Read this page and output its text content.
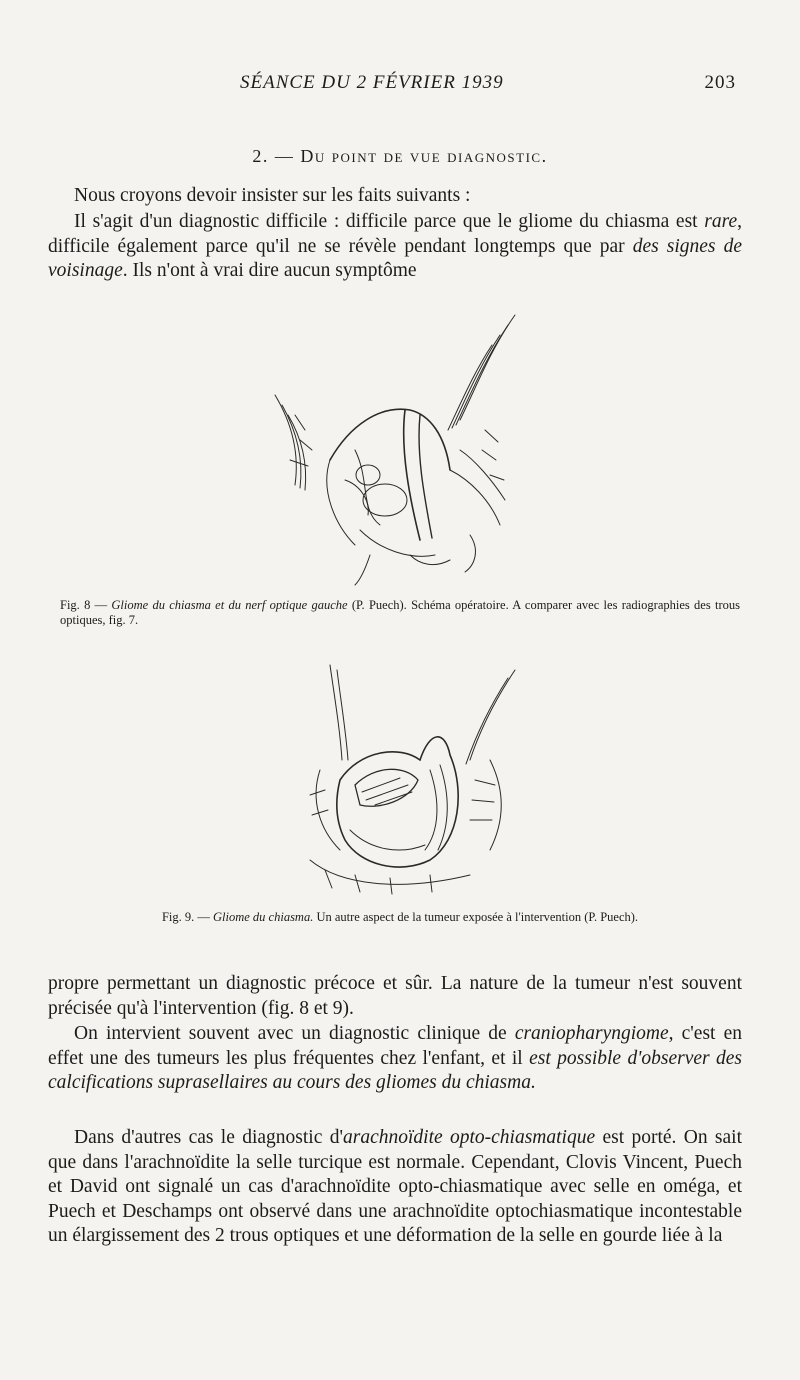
SÉANCE DU 2 FÉVRIER 1939	203
2. — Du point de vue diagnostic.

Nous croyons devoir insister sur les faits suivants :

Il s'agit d'un diagnostic difficile : difficile parce que le gliome du chiasma est rare, difficile également parce qu'il ne se révèle pendant longtemps que par des signes de voisinage. Ils n'ont à vrai dire aucun symptôme

Fig. 8 — Gliome du chiasma et du nerf optique gauche (P. Puech). Schéma opératoire. A comparer avec les radiographies des trous optiques, fig. 7.
Fig. 9. — Gliome du chiasma. Un autre aspect de la tumeur exposée à l'intervention (P. Puech).

propre permettant un diagnostic précoce et sûr. La nature de la tumeur n'est souvent précisée qu'à l'intervention (fig. 8 et 9).

On intervient souvent avec un diagnostic clinique de craniopharyngiome, c'est en effet une des tumeurs les plus fréquentes chez l'enfant, et il est possible d'observer des calcifications suprasellaires au cours des gliomes du chiasma.

Dans d'autres cas le diagnostic d'arachnoïdite opto-chiasmatique est porté. On sait que dans l'arachnoïdite la selle turcique est normale. Cependant, Clovis Vincent, Puech et David ont signalé un cas d'arachnoïdite opto-chiasmatique avec selle en oméga, et Puech et Deschamps ont observé dans une arachnoïdite optochiasmatique incontestable un élargissement des 2 trous optiques et une déformation de la selle en gourde liée à la
